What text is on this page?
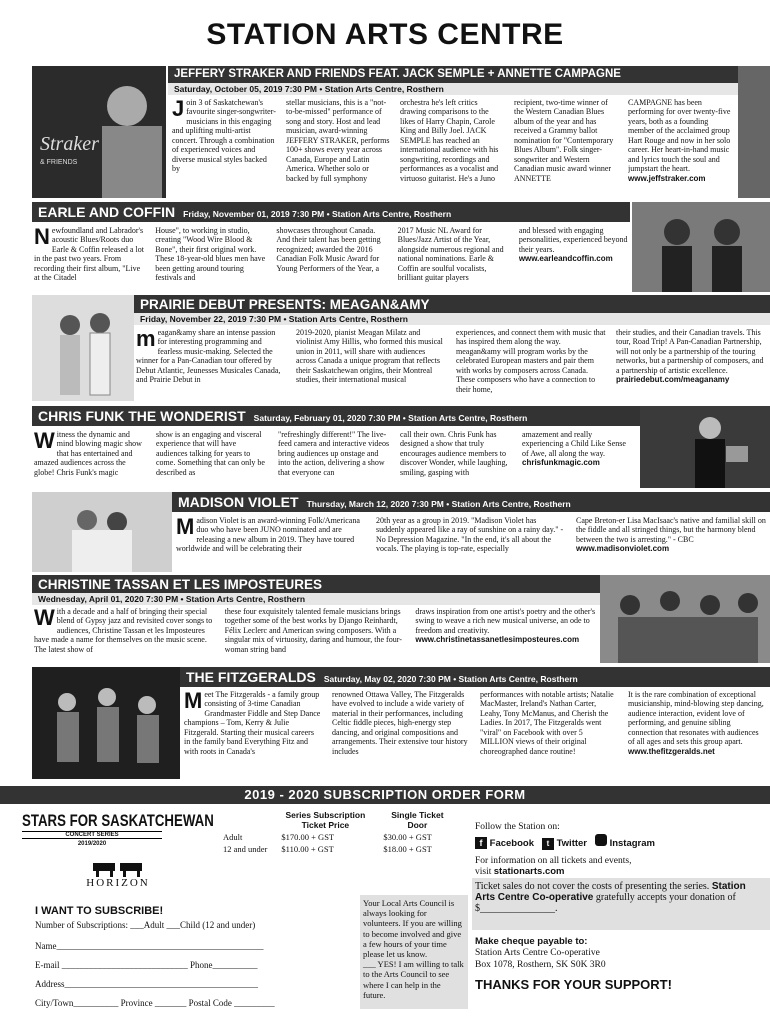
STATION ARTS CENTRE
Straker
& FRIENDS
JEFFERY STRAKER AND FRIENDS FEAT. JACK SEMPLE + ANNETTE CAMPAGNE
Saturday, October 05, 2019 7:30 PM • Station Arts Centre, Rosthern
Join 3 of Saskatchewan's favourite singer-songwriter-musicians in this engaging and uplifting multi-artist concert. Through a combination of experienced voices and diverse musical styles backed by
stellar musicians, this is a "not-to-be-missed" performance of song and story. Host and lead musician, award-winning JEFFERY STRAKER, performs 100+ shows every year across Canada, Europe and Latin America. Whether solo or backed by full symphony
orchestra he's left critics drawing comparisons to the likes of Harry Chapin, Carole King and Billy Joel. JACK SEMPLE has reached an international audience with his songwriting, recordings and performances as a vocalist and virtuoso guitarist. He's a Juno
recipient, two-time winner of the Western Canadian Blues album of the year and has received a Grammy ballot nomination for "Contemporary Blues Album". Folk singer-songwriter and Western Canadian music award winner ANNETTE
CAMPAGNE has been performing for over twenty-five years, both as a founding member of the acclaimed group Hart Rouge and now in her solo career. Her heart-in-hand music and lyrics touch the soul and jumpstart the heart.
www.jeffstraker.com
EARLE AND COFFIN Friday, November 01, 2019 7:30 PM • Station Arts Centre, Rosthern
Newfoundland and Labrador's acoustic Blues/Roots duo Earle & Coffin released a lot in the past two years. From recording their first album, "Live at the Citadel
House", to working in studio, creating "Wood Wire Blood & Bone", their first original work. These 18-year-old blues men have been getting around touring festivals and
showcases throughout Canada. And their talent has been getting recognized; awarded the 2016 Canadian Folk Music Award for Young Performers of the Year, a
2017 Music NL Award for Blues/Jazz Artist of the Year, alongside numerous regional and national nominations. Earle & Coffin are soulful vocalists, brilliant guitar players
and blessed with engaging personalities, experienced beyond their years.
www.earleandcoffin.com
PRAIRIE DEBUT PRESENTS: MEAGAN&AMY
Friday, November 22, 2019 7:30 PM • Station Arts Centre, Rosthern
meagan&amy share an intense passion for interesting programming and fearless music-making. Selected the winner for a Pan-Canadian tour offered by Debut Atlantic, Jeunesses Musicales Canada, and Prairie Debut in
2019-2020, pianist Meagan Milatz and violinist Amy Hillis, who formed this musical union in 2011, will share with audiences across Canada a unique program that reflects their Saskatchewan origins, their Montreal studies, their international musical
experiences, and connect them with music that has inspired them along the way. meagan&amy will program works by the celebrated European masters and pair them with works by composers across Canada. These composers who have a connection to their home,
their studies, and their Canadian travels. This tour, Road Trip! A Pan-Canadian Partnership, will not only be a partnership of the touring networks, but a partnership of composers, and a partnership of artistic excellence.
prairiedebut.com/meaganamy
CHRIS FUNK THE WONDERIST Saturday, February 01, 2020 7:30 PM • Station Arts Centre, Rosthern
Witness the dynamic and mind blowing magic show that has entertained and amazed audiences across the globe! Chris Funk's magic
show is an engaging and visceral experience that will have audiences talking for years to come. Something that can only be described as
"refreshingly different!" The live-feed camera and interactive videos bring audiences up onstage and into the action, delivering a show that everyone can
call their own. Chris Funk has designed a show that truly encourages audience members to discover Wonder, while laughing, smiling, gasping with
amazement and really experiencing a Child Like Sense of Awe, all along the way.
chrisfunkmagic.com
MADISON VIOLET Thursday, March 12, 2020 7:30 PM • Station Arts Centre, Rosthern
Madison Violet is an award-winning Folk/Americana duo who have been JUNO nominated and are releasing a new album in 2019. They have toured worldwide and will be celebrating their
20th year as a group in 2019. "Madison Violet has suddenly appeared like a ray of sunshine on a rainy day." - No Depression Magazine. "In the end, it's all about the vocals. The playing is top-rate, especially
Cape Breton-er Lisa MacIsaac's native and familial skill on the fiddle and all stringed things, but the harmony blend between the two is arresting." - CBC
www.madisonviolet.com
CHRISTINE TASSAN ET LES IMPOSTEURES
Wednesday, April 01, 2020 7:30 PM • Station Arts Centre, Rosthern
With a decade and a half of bringing their special blend of Gypsy jazz and revisited cover songs to audiences, Christine Tassan et les Imposteures have made a name for themselves on the music scene. The latest show of
these four exquisitely talented female musicians brings together some of the best works by Django Reinhardt, Félix Leclerc and American swing composers. With a singular mix of virtuosity, daring and humour, the four-woman string band
draws inspiration from one artist's poetry and the other's swing to weave a rich new musical universe, an ode to freedom and creativity.
www.christinetassanetlesimposteures.com
THE FITZGERALDS Saturday, May 02, 2020 7:30 PM • Station Arts Centre, Rosthern
Meet The Fitzgeralds - a family group consisting of 3-time Canadian Grandmaster Fiddle and Step Dance champions – Tom, Kerry & Julie Fitzgerald. Starting their musical careers in the family band Everything Fitz and with roots in Canada's
renowned Ottawa Valley, The Fitzgeralds have evolved to include a wide variety of material in their performances, including Celtic fiddle pieces, high-energy step dancing, and original compositions and arrangements. Their extensive tour history includes
performances with notable artists; Natalie MacMaster, Ireland's Nathan Carter, Leahy, Tony McManus, and Cherish the Ladies. In 2017, The Fitzgeralds went "viral" on Facebook with over 5 MILLION views of their original choreographed dance routine!
It is the rare combination of exceptional musicianship, mind-blowing step dancing, audience interaction, evident love of performing, and genuine sibling connection that resonates with audiences of all ages and sets this group apart.
www.thefitzgeralds.net
2019 - 2020 SUBSCRIPTION ORDER FORM
STARS FOR SASKATCHEWAN
CONCERT SERIES
2019/2020
HORIZON
	Series Subscription Ticket Price	Single Ticket Door
Adult	$170.00 + GST	$30.00 + GST
12 and under	$110.00 + GST	$18.00 + GST
Follow the Station on:
f Facebook t Twitter Instagram
For information on all tickets and events,
visit stationarts.com
Ticket sales do not cover the costs of presenting the series. Station Arts Centre Co-operative gratefully accepts your donation of
$_______________.
Make cheque payable to:
Station Arts Centre Co-operative
Box 1078, Rosthern, SK S0K 3R0
THANKS FOR YOUR SUPPORT!
I WANT TO SUBSCRIBE!
Number of Subscriptions: ___Adult ___Child (12 and under)
Name______________________________________________
E-mail ____________________________ Phone__________
Address___________________________________________
City/Town__________ Province _______ Postal Code _________
Your Local Arts Council is always looking for volunteers. If you are willing to become involved and give a few hours of your time please let us know.
___ YES! I am willing to talk to the Arts Council to see where I can help in the future.
